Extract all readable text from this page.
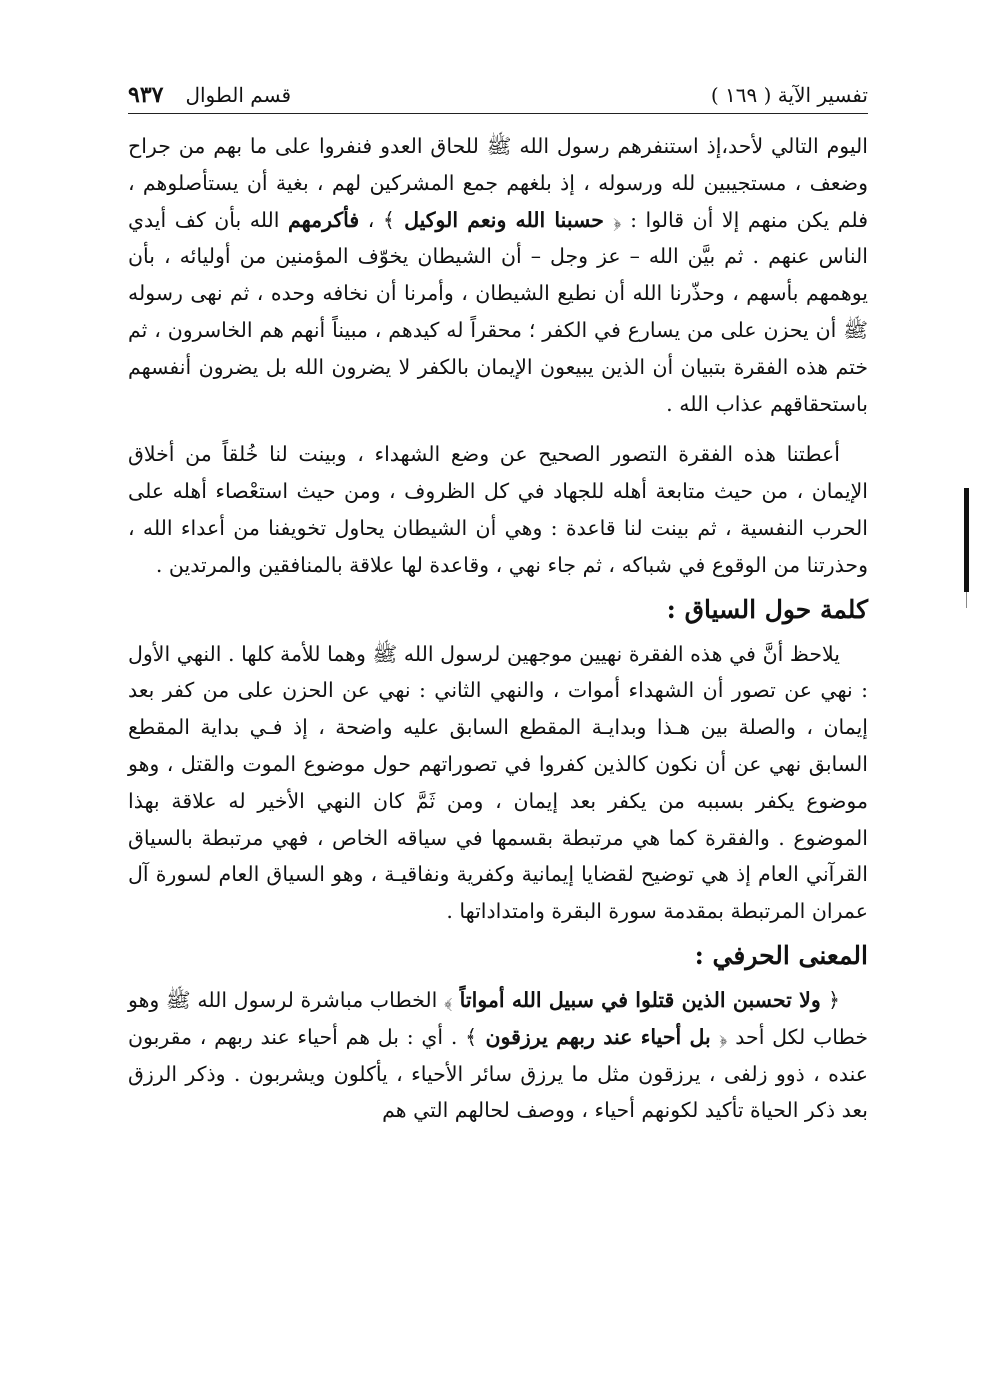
تفسير الآية ( ١٦٩ )
قسم الطوال
٩٣٧

اليوم التالي لأحد،إذ استنفرهم رسول الله ﷺ للحاق العدو فنفروا على ما بهم من جراح وضعف ، مستجيبين لله ورسوله ، إذ بلغهم جمع المشركين لهم ، بغية أن يستأصلوهم ، فلم يكن منهم إلا أن قالوا : ﴿ حسبنا الله ونعم الوكيل ﴾ ، فأكرمهم الله بأن كف أيدي الناس عنهم . ثم بيَّن الله – عز وجل – أن الشيطان يخوّف المؤمنين من أوليائه ، بأن يوهمهم بأسهم ، وحذّرنا الله أن نطيع الشيطان ، وأمرنا أن نخافه وحده ، ثم نهى رسوله ﷺ أن يحزن على من يسارع في الكفر ؛ محقراً له كيدهم ، مبيناً أنهم هم الخاسرون ، ثم ختم هذه الفقرة بتبيان أن الذين يبيعون الإيمان بالكفر لا يضرون الله بل يضرون أنفسهم باستحقاقهم عذاب الله .

أعطتنا هذه الفقرة التصور الصحيح عن وضع الشهداء ، وبينت لنا خُلقاً من أخلاق الإيمان ، من حيث متابعة أهله للجهاد في كل الظروف ، ومن حيث استعْصاء أهله على الحرب النفسية ، ثم بينت لنا قاعدة : وهي أن الشيطان يحاول تخويفنا من أعداء الله ، وحذرتنا من الوقوع في شباكه ، ثم جاء نهي ، وقاعدة لها علاقة بالمنافقين والمرتدين .

كلمة حول السياق :

يلاحظ أنَّ في هذه الفقرة نهيين موجهين لرسول الله ﷺ وهما للأمة كلها . النهي الأول : نهي عن تصور أن الشهداء أموات ، والنهي الثاني : نهي عن الحزن على من كفر بعد إيمان ، والصلة بين هـذا وبدايـة المقطع السابق عليه واضحة ، إذ فـي بداية المقطع السابق نهي عن أن نكون كالذين كفروا في تصوراتهم حول موضوع الموت والقتل ، وهو موضوع يكفر بسببه من يكفر بعد إيمان ، ومن ثَمَّ كان النهي الأخير له علاقة بهذا الموضوع . والفقرة كما هي مرتبطة بقسمها في سياقه الخاص ، فهي مرتبطة بالسياق القرآني العام إذ هي توضيح لقضايا إيمانية وكفرية ونفاقيـة ، وهو السياق العام لسورة آل عمران المرتبطة بمقدمة سورة البقرة وامتداداتها .

المعنى الحرفي :

﴿ ولا تحسبن الذين قتلوا في سبيل الله أمواتاً ﴾ الخطاب مباشرة لرسول الله ﷺ وهو خطاب لكل أحد ﴿ بل أحياء عند ربهم يرزقون ﴾ . أي : بل هم أحياء عند ربهم ، مقربون عنده ، ذوو زلفى ، يرزقون مثل ما يرزق سائر الأحياء ، يأكلون ويشربون . وذكر الرزق بعد ذكر الحياة تأكيد لكونهم أحياء ، ووصف لحالهم التي هم
